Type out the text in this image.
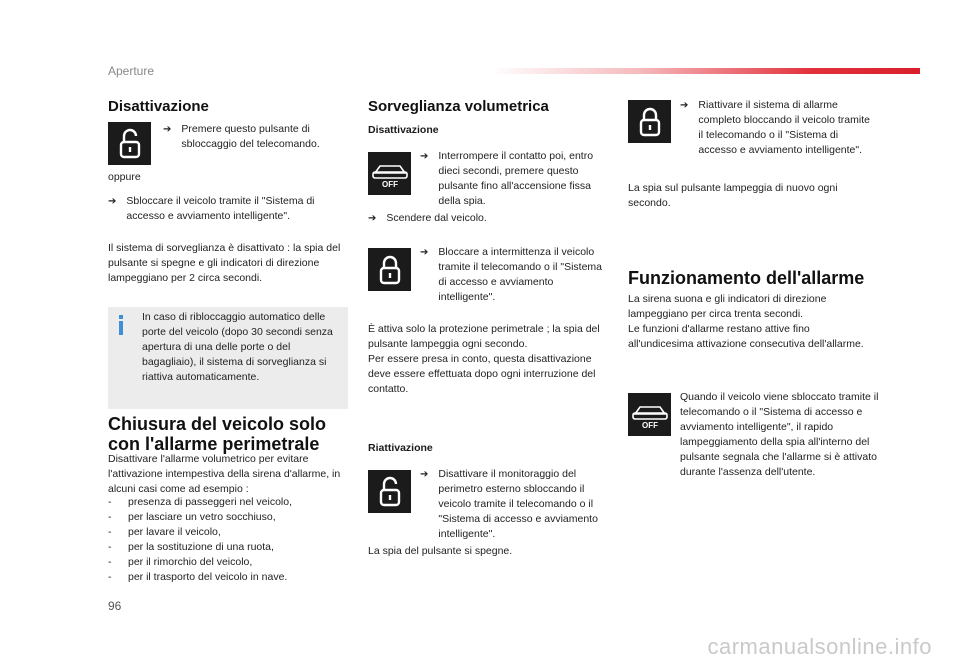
Aperture
Disattivazione
➔ Premere questo pulsante di sbloccaggio del telecomando.
oppure
➔ Sbloccare il veicolo tramite il "Sistema di accesso e avviamento intelligente".
Il sistema di sorveglianza è disattivato : la spia del pulsante si spegne e gli indicatori di direzione lampeggiano per 2 circa secondi.
In caso di ribloccaggio automatico delle porte del veicolo (dopo 30 secondi senza apertura di una delle porte o del bagagliaio), il sistema di sorveglianza si riattiva automaticamente.
Chiusura del veicolo solo
con l'allarme perimetrale
Disattivare l'allarme volumetrico per evitare l'attivazione intempestiva della sirena d'allarme, in alcuni casi come ad esempio :
-	presenza di passeggeri nel veicolo,
-	per lasciare un vetro socchiuso,
-	per lavare il veicolo,
-	per la sostituzione di una ruota,
-	per il rimorchio del veicolo,
-	per il trasporto del veicolo in nave.
Sorveglianza volumetrica
Disattivazione
OFF
➔ Interrompere il contatto poi, entro dieci secondi, premere questo pulsante fino all'accensione fissa della spia.
➔ Scendere dal veicolo.
➔ Bloccare a intermittenza il veicolo tramite il telecomando o il "Sistema di accesso e avviamento intelligente".
È attiva solo la protezione perimetrale ; la spia del pulsante lampeggia ogni secondo.
Per essere presa in conto, questa disattivazione deve essere effettuata dopo ogni interruzione del contatto.
Riattivazione
➔ Disattivare il monitoraggio del perimetro esterno sbloccando il veicolo tramite il telecomando o il "Sistema di accesso e avviamento intelligente".
La spia del pulsante si spegne.
➔ Riattivare il sistema di allarme completo bloccando il veicolo tramite il telecomando o il "Sistema di accesso e avviamento intelligente".
La spia sul pulsante lampeggia di nuovo ogni secondo.
Funzionamento dell'allarme
La sirena suona e gli indicatori di direzione lampeggiano per circa trenta secondi.
Le funzioni d'allarme restano attive fino all'undicesima attivazione consecutiva dell'allarme.
OFF
Quando il veicolo viene sbloccato tramite il telecomando o il "Sistema di accesso e avviamento intelligente", il rapido lampeggiamento della spia all'interno del pulsante segnala che l'allarme si è attivato durante l'assenza dell'utente.
96
carmanualsonline.info
